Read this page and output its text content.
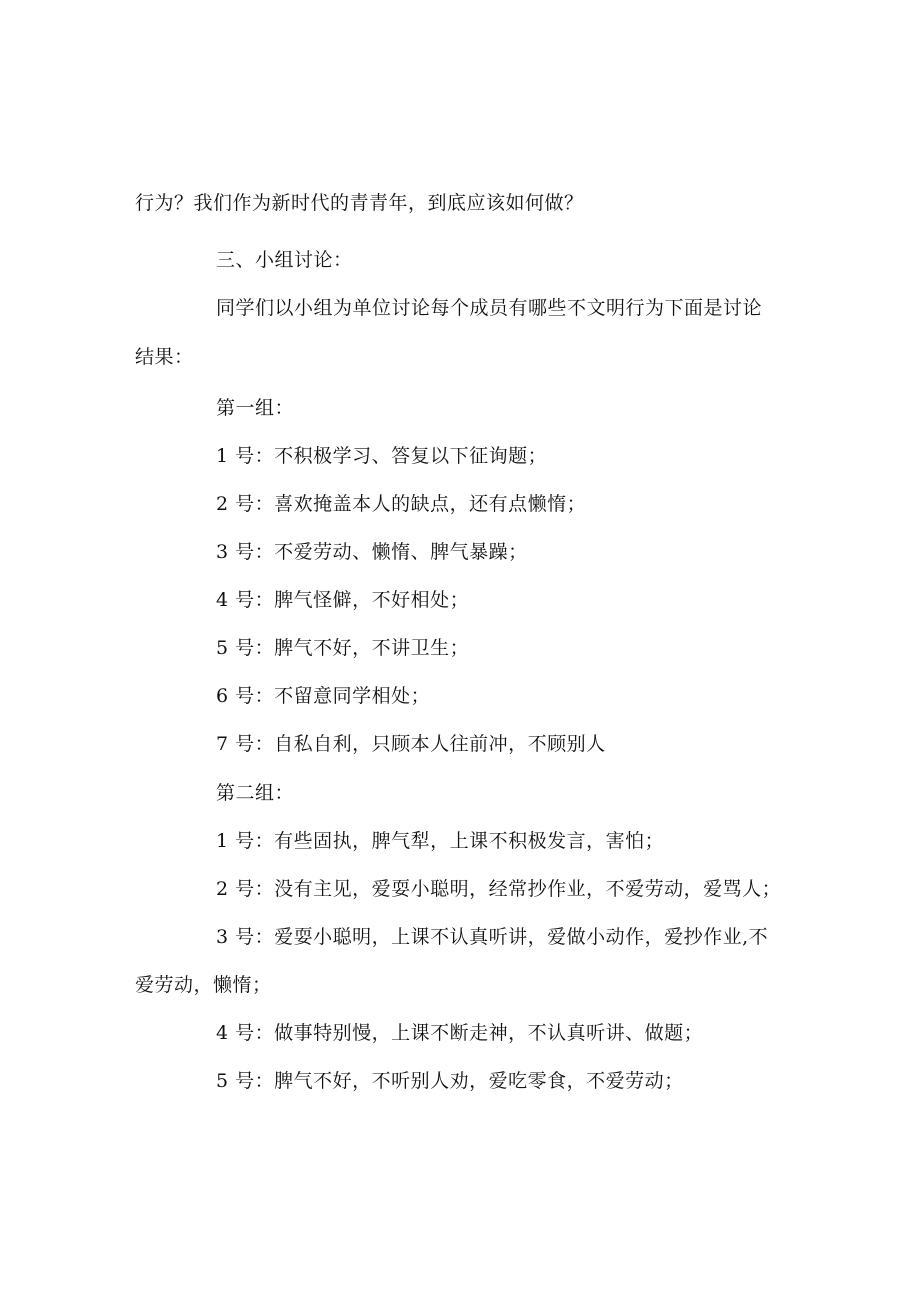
行为？我们作为新时代的青青年，到底应该如何做？
三、小组讨论：
同学们以小组为单位讨论每个成员有哪些不文明行为下面是讨论
结果：
第一组：
1 号：不积极学习、答复以下征询题；
2 号：喜欢掩盖本人的缺点，还有点懒惰；
3 号：不爱劳动、懒惰、脾气暴躁；
4 号：脾气怪僻，不好相处；
5 号：脾气不好，不讲卫生；
6 号：不留意同学相处；
7 号：自私自利，只顾本人往前冲，不顾别人
第二组：
1 号：有些固执，脾气犁，上课不积极发言，害怕；
2 号：没有主见，爱耍小聪明，经常抄作业，不爱劳动，爱骂人；
3 号：爱耍小聪明，上课不认真听讲，爱做小动作，爱抄作业,不
爱劳动，懒惰；
4 号：做事特别慢，上课不断走神，不认真听讲、做题；
5 号：脾气不好，不听别人劝，爱吃零食，不爱劳动；
